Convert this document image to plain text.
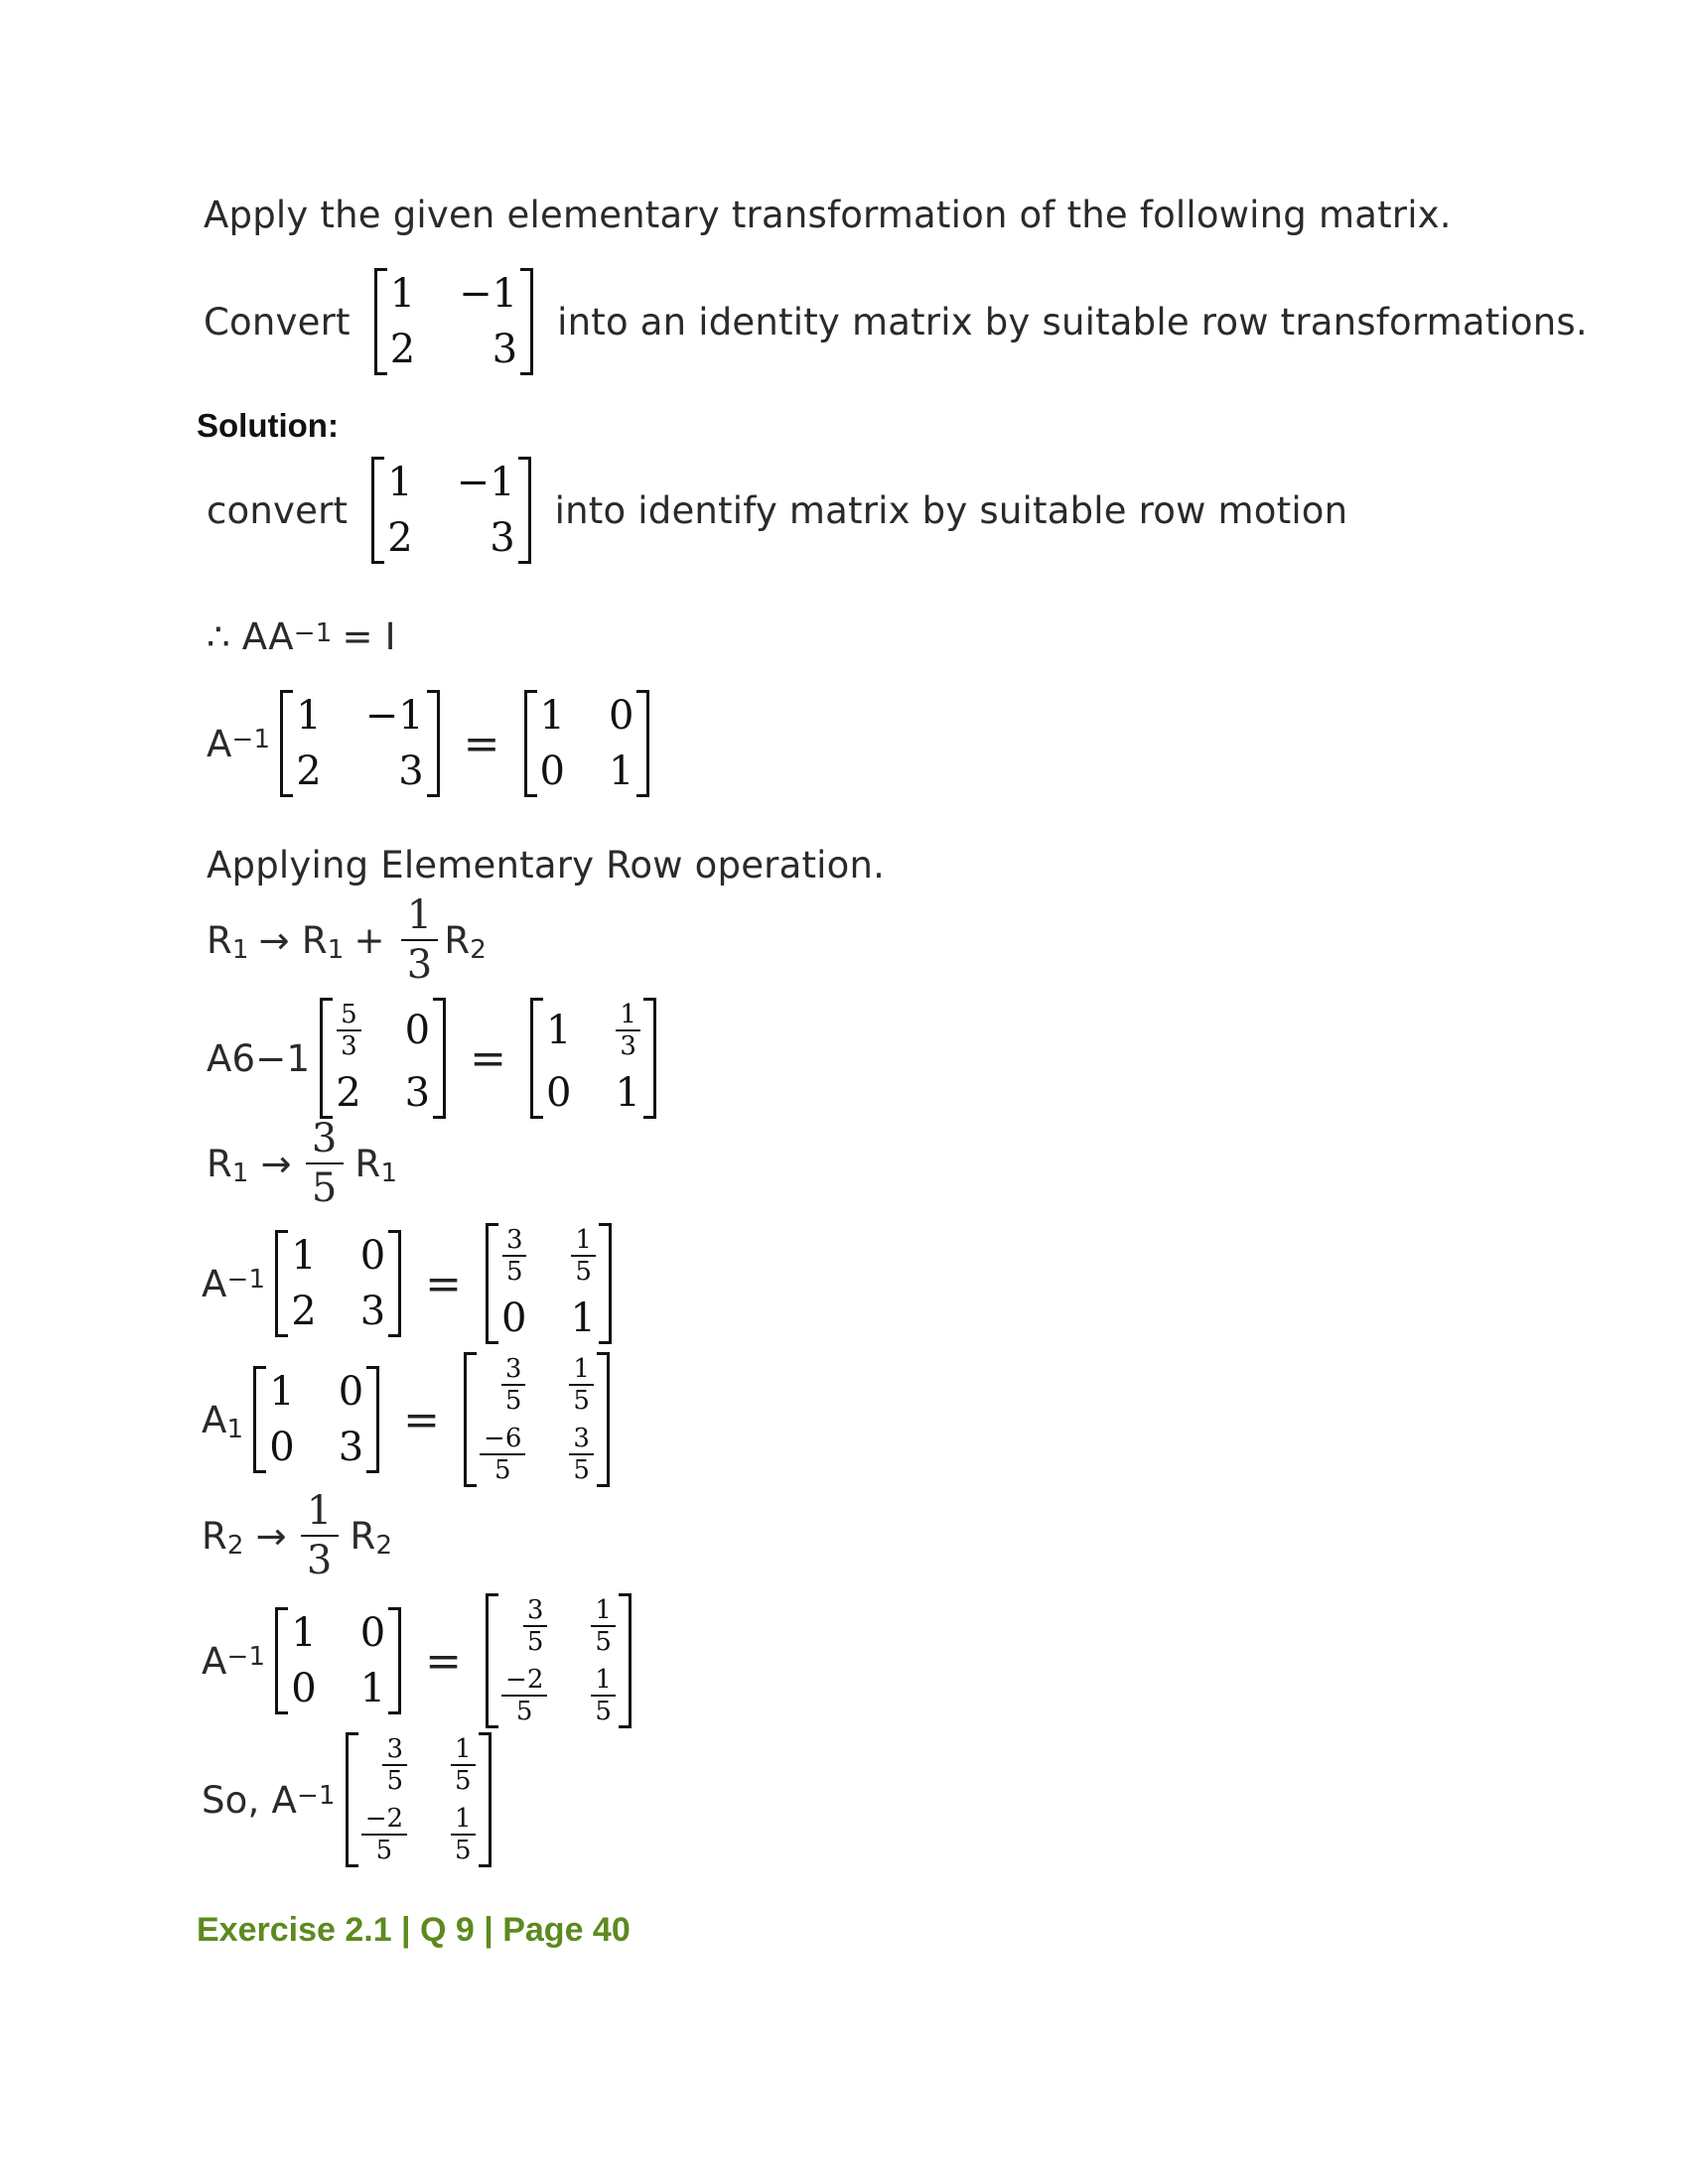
Apply the given elementary transformation of the following matrix.
Convert
1 −1
2 3
into an identity matrix by suitable row transformations.
Solution:
convert
1 −1
2 3
into identify matrix by suitable row motion
∴ AA −1 = I
A −1
1 −1
2 3
=
1 0
0 1
Applying Elementary Row operation.
R 1 → R $1 + \frac{1}{3}$ R 2
$A6-1 \frac{5}{3} 0$
2 3
=
$1 \frac{1}{3}$
0 1
R 1 →
3
5
R 1
A −1
1 0
2 3
= $\frac{3}{5} \frac{1}{5}$
0 1
A 1
1 0
0 3
=
$\frac{3}{5} \frac{1}{5}$
$\frac{-6}{5} \frac{3}{5}$
R 2 →
1
3
R 2
A −1
1 0
0 1
=
$\frac{3}{5} \frac{1}{5}$
$\frac{-2}{5} \frac{1}{5}$
So, A −1
$\frac{3}{5} \frac{1}{5}$
$\frac{-2}{5} \frac{1}{5}$
Exercise 2.1 | Q 9 | Page 40
